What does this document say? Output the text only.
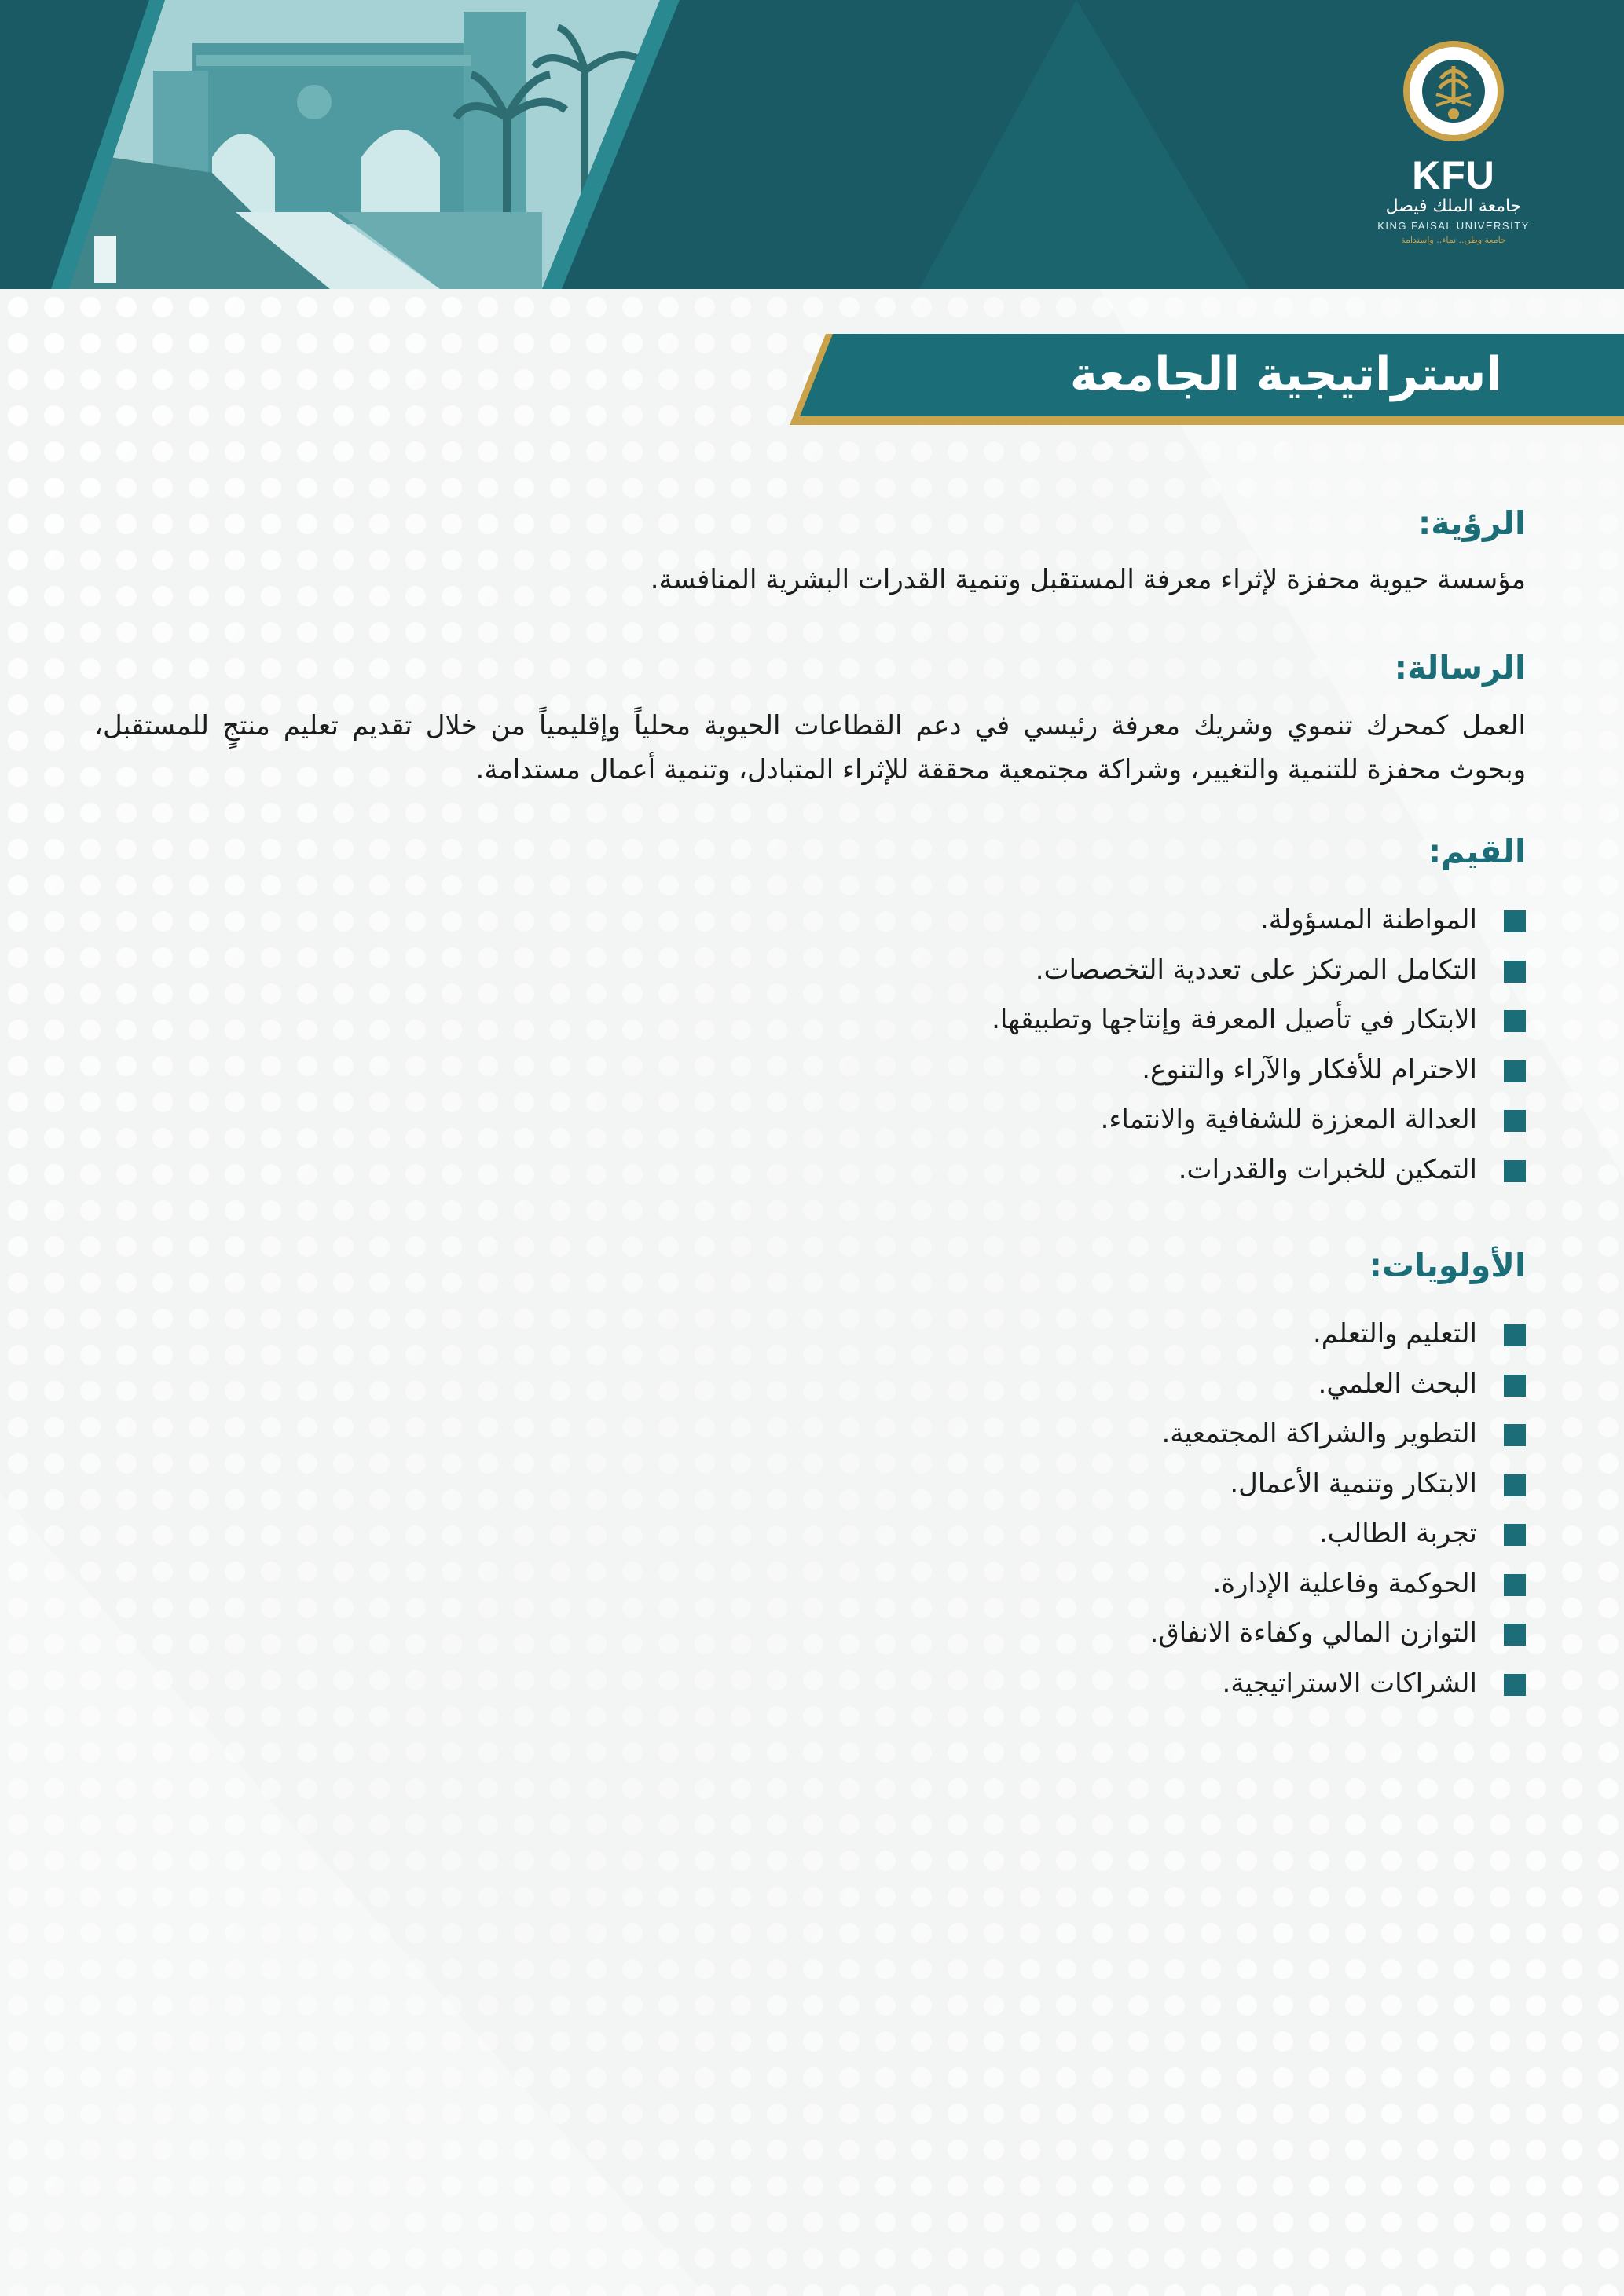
KFU
جامعة الملك فيصل
KING FAISAL UNIVERSITY
جامعة وطن.. نماء.. واستدامة
استراتيجية الجامعة
الرؤية:

مؤسسة حيوية محفزة لإثراء معرفة المستقبل وتنمية القدرات البشرية المنافسة.

الرسالة:

العمل كمحرك تنموي وشريك معرفة رئيسي في دعم القطاعات الحيوية محلياً وإقليمياً من خلال تقديم تعليم منتجٍ للمستقبل، وبحوث محفزة للتنمية والتغيير، وشراكة مجتمعية محققة للإثراء المتبادل، وتنمية أعمال مستدامة.

القيم:
المواطنة المسؤولة.
التكامل المرتكز على تعددية التخصصات.
الابتكار في تأصيل المعرفة وإنتاجها وتطبيقها.
الاحترام للأفكار والآراء والتنوع.
العدالة المعززة للشفافية والانتماء.
التمكين للخبرات والقدرات.
الأولويات:
التعليم والتعلم.
البحث العلمي.
التطوير والشراكة المجتمعية.
الابتكار وتنمية الأعمال.
تجربة الطالب.
الحوكمة وفاعلية الإدارة.
التوازن المالي وكفاءة الانفاق.
الشراكات الاستراتيجية.
